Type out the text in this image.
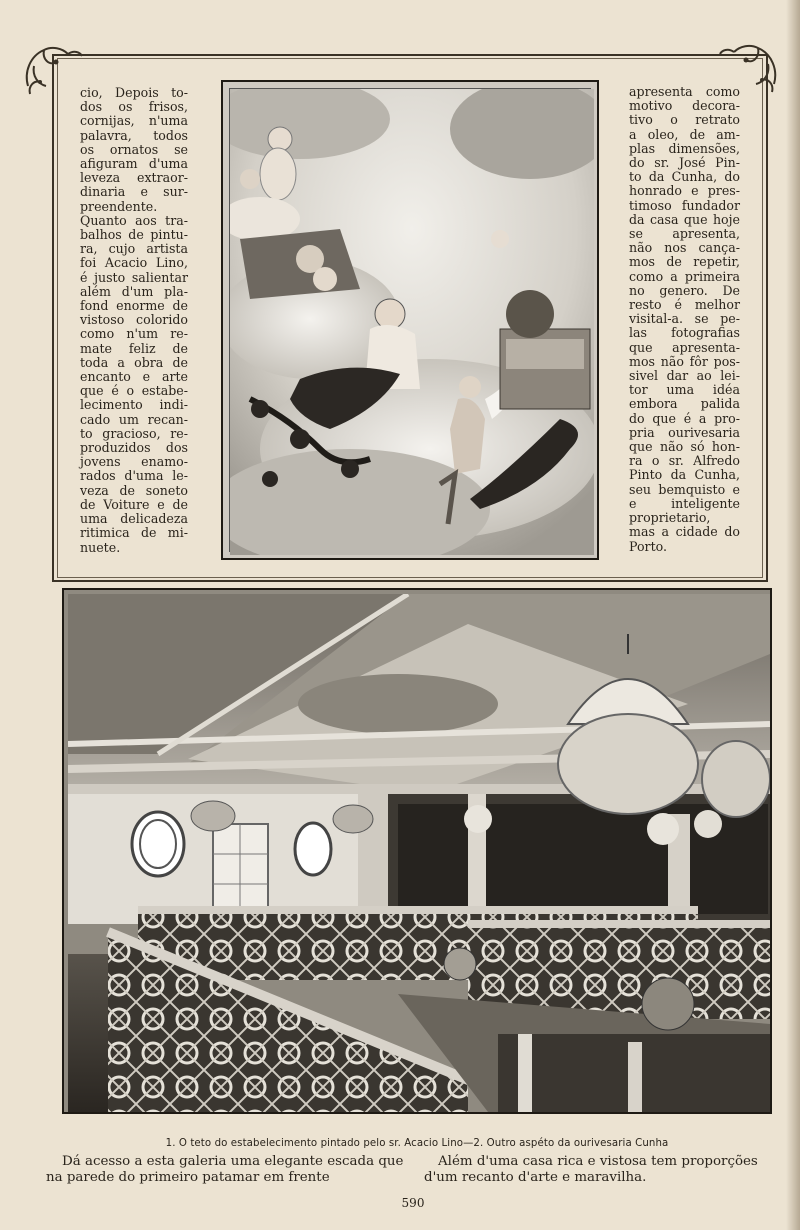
cio, Depois to-
dos os frisos,
cornijas, n'uma
palavra, todos
os ornatos se
afiguram d'uma
leveza extraor-
dinaria e sur-
preendente.
Quanto aos tra-
balhos de pintu-
ra, cujo artista
foi Acacio Lino,
é justo salientar
além d'um pla-
fond enorme de
vistoso colorido
como n'um re-
mate feliz de
toda a obra de
encanto e arte
que é o estabe-
lecimento indi-
cado um recan-
to gracioso, re-
produzidos dos
jovens enamo-
rados d'uma le-
veza de soneto
de Voiture e de
uma delicadeza
ritimica de mi-
nuete.
apresenta como
motivo decora-
tivo o retrato
a oleo, de am-
plas dimensões,
do sr. José Pin-
to da Cunha, do
honrado e pres-
timoso fundador
da casa que hoje
se apresenta,
não nos cança-
mos de repetir,
como a primeira
no genero. De
resto é melhor
visital-a. se pe-
las fotografias
que apresenta-
mos não fôr pos-
sivel dar ao lei-
tor uma idéa
embora palida
do que é a pro-
pria ourivesaria
que não só hon-
ra o sr. Alfredo
Pinto da Cunha,
seu bemquisto e
e inteligente
proprietario,
mas a cidade do
Porto.
1. O teto do estabelecimento pintado pelo sr. Acacio Lino—2. Outro aspéto da ourivesaria Cunha
Dá acesso a esta galeria uma elegante escada que
na parede do primeiro patamar em frente
Além d'uma casa rica e vistosa tem proporções
d'um recanto d'arte e maravilha.
590
